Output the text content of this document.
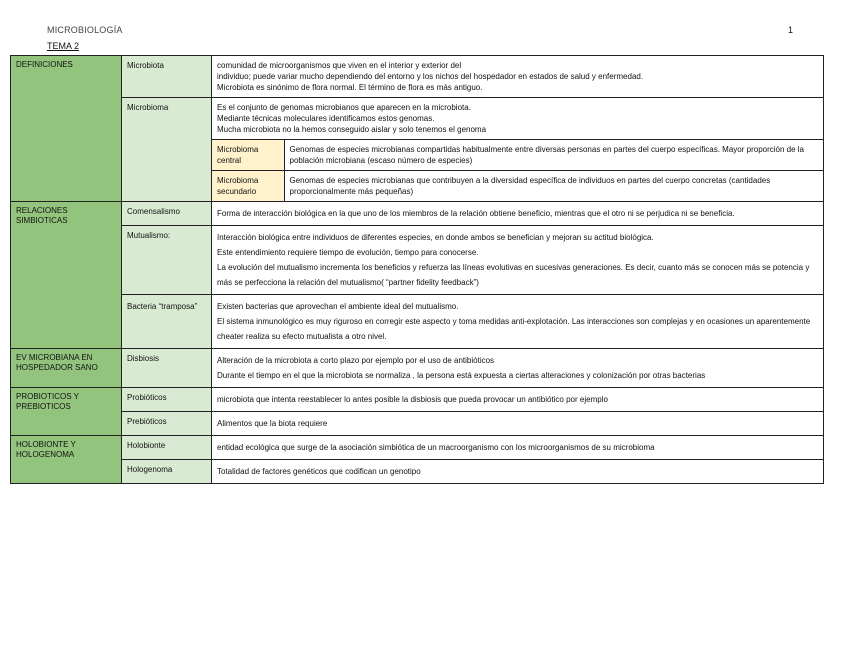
MICROBIOLOGÍA
TEMA 2
1
DEFINICIONES	Microbiota	comunidad de microorganismos que viven en el interior y exterior del
individuo; puede variar mucho dependiendo del entorno y los nichos del hospedador en estados de salud y enfermedad.
Microbiota es sinónimo de flora normal. El término de flora es más antiguo.

Microbioma		Es el conjunto de genomas microbianos que aparecen en la microbiota.
Mediante técnicas moleculares identificamos estos genomas.
Mucha microbiota no la hemos conseguido aislar y solo tenemos el genoma

Microbioma central	Genomas de especies microbianas compartidas habitualmente entre diversas personas en partes del cuerpo específicas. Mayor proporción de la población microbiana (escaso número de especies)
Microbioma secundario	Genomas de especies microbianas que contribuyen a la diversidad específica de individuos en partes del cuerpo concretas (cantidades proporcionalmente más pequeñas)

RELACIONES SIMBIOTICAS	Comensalismo	Forma de interacción biológica en la que uno de los miembros de la relación obtiene beneficio, mientras que el otro ni se perjudica ni se beneficia.
Mutualismo:	Interacción biológica entre individuos de diferentes especies, en donde ambos se benefician y mejoran su actitud biológica.
Este entendimiento requiere tiempo de evolución, tiempo para conocerse.
La evolución del mutualismo incrementa los beneficios y refuerza las líneas evolutivas en sucesivas generaciones. Es decir, cuanto más se conocen más se potencia y más se perfecciona la relación del mutualismo( “partner fidelity feedback”)

Bacteria “tramposa”	Existen bacterias que aprovechan el ambiente ideal del mutualismo.
El sistema inmunológico es muy riguroso en corregir este aspecto y toma medidas anti-explotación. Las interacciones son complejas y en ocasiones un aparentemente cheater realiza su efecto mutualista a otro nivel.

EV MICROBIANA EN HOSPEDADOR SANO	Disbiosis	Alteración de la microbiota a corto plazo por ejemplo por el uso de antibióticos
Durante el tiempo en el que la microbiota se normaliza , la persona está expuesta a ciertas alteraciones y colonización por otras bacterias

PROBIOTICOS Y PREBIOTICOS	Probióticos	microbiota que intenta reestablecer lo antes posible la disbiosis que pueda provocar un antibiótico por ejemplo
Prebióticos	Alimentos que la biota requiere
HOLOBIONTE Y HOLOGENOMA	Holobionte	entidad ecológica que surge de la asociación simbiótica de un macroorganismo con los microorganismos de su microbioma
Hologenoma	Totalidad de factores genéticos que codifican un genotipo
